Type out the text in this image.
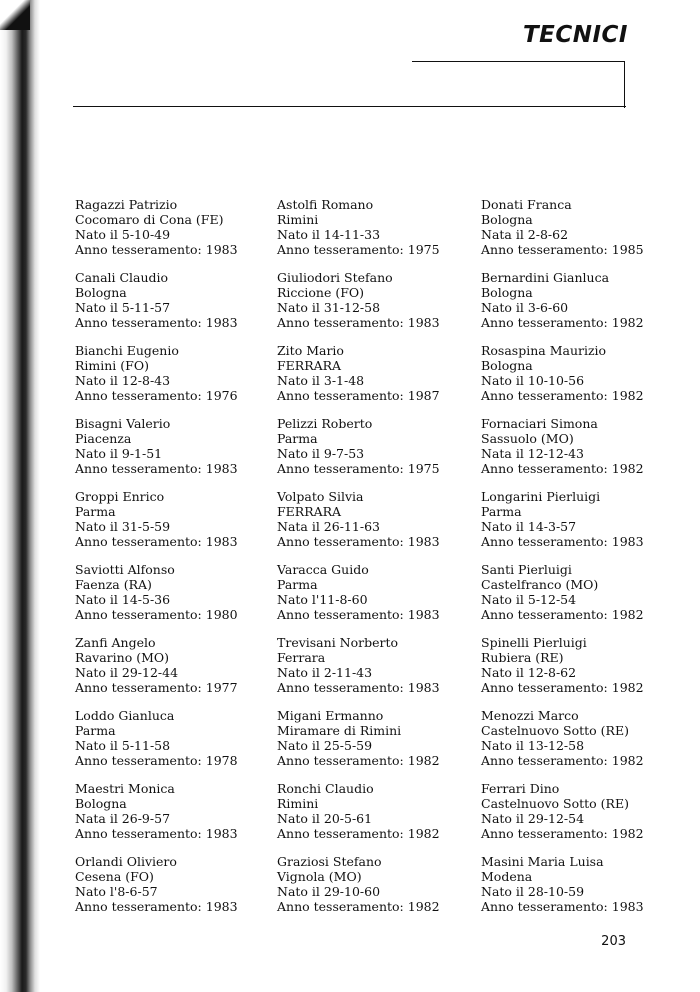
TECNICI
Ragazzi Patrizio
Cocomaro di Cona (FE)
Nato il 5-10-49
Anno tesseramento: 1983
Canali Claudio
Bologna
Nato il 5-11-57
Anno tesseramento: 1983
Bianchi Eugenio
Rimini (FO)
Nato il 12-8-43
Anno tesseramento: 1976
Bisagni Valerio
Piacenza
Nato il 9-1-51
Anno tesseramento: 1983
Groppi Enrico
Parma
Nato il 31-5-59
Anno tesseramento: 1983
Saviotti Alfonso
Faenza (RA)
Nato il 14-5-36
Anno tesseramento: 1980
Zanfi Angelo
Ravarino (MO)
Nato il 29-12-44
Anno tesseramento: 1977
Loddo Gianluca
Parma
Nato il 5-11-58
Anno tesseramento: 1978
Maestri Monica
Bologna
Nata il 26-9-57
Anno tesseramento: 1983
Orlandi Oliviero
Cesena (FO)
Nato l'8-6-57
Anno tesseramento: 1983
Astolfi Romano
Rimini
Nato il 14-11-33
Anno tesseramento: 1975
Giuliodori Stefano
Riccione (FO)
Nato il 31-12-58
Anno tesseramento: 1983
Zito Mario
FERRARA
Nato il 3-1-48
Anno tesseramento: 1987
Pelizzi Roberto
Parma
Nato il 9-7-53
Anno tesseramento: 1975
Volpato Silvia
FERRARA
Nata il 26-11-63
Anno tesseramento: 1983
Varacca Guido
Parma
Nato l'11-8-60
Anno tesseramento: 1983
Trevisani Norberto
Ferrara
Nato il 2-11-43
Anno tesseramento: 1983
Migani Ermanno
Miramare di Rimini
Nato il 25-5-59
Anno tesseramento: 1982
Ronchi Claudio
Rimini
Nato il 20-5-61
Anno tesseramento: 1982
Graziosi Stefano
Vignola (MO)
Nato il 29-10-60
Anno tesseramento: 1982
Donati Franca
Bologna
Nata il 2-8-62
Anno tesseramento: 1985
Bernardini Gianluca
Bologna
Nato il 3-6-60
Anno tesseramento: 1982
Rosaspina Maurizio
Bologna
Nato il 10-10-56
Anno tesseramento: 1982
Fornaciari Simona
Sassuolo (MO)
Nata il 12-12-43
Anno tesseramento: 1982
Longarini Pierluigi
Parma
Nato il 14-3-57
Anno tesseramento: 1983
Santi Pierluigi
Castelfranco (MO)
Nato il 5-12-54
Anno tesseramento: 1982
Spinelli Pierluigi
Rubiera (RE)
Nato il 12-8-62
Anno tesseramento: 1982
Menozzi Marco
Castelnuovo Sotto (RE)
Nato il 13-12-58
Anno tesseramento: 1982
Ferrari Dino
Castelnuovo Sotto (RE)
Nato il 29-12-54
Anno tesseramento: 1982
Masini Maria Luisa
Modena
Nato il 28-10-59
Anno tesseramento: 1983
203
